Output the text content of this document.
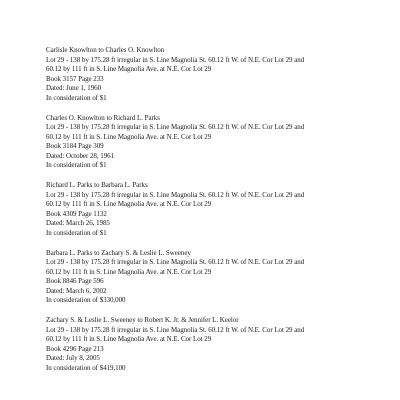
Carlisle Knowlton to Charles O. Knowlton
Lot 29 - 138 by 175.28 ft irregular in S. Line Magnolia St. 60.12 ft W. of N.E. Cor Lot 29 and
60.12 by 111 ft in S. Line Magnolia Ave. at N.E. Cor Lot 29
Book 3157 Page 233
Dated: June 1, 1960
In consideration of $1
Charles O. Knowlton to Richard L. Parks
Lot 29 - 138 by 175.28 ft irregular in S. Line Magnolia St. 60.12 ft W. of N.E. Cor Lot 29 and
60.12 by 111 ft in S. Line Magnolia Ave. at N.E. Cor Lot 29
Book 3184 Page 309
Dated: October 28, 1961
In consideration of $1
Richard L. Parks to Barbara L. Parks
Lot 29 - 138 by 175.28 ft irregular in S. Line Magnolia St. 60.12 ft W. of N.E. Cor Lot 29 and
60.12 by 111 ft in S. Line Magnolia Ave. at N.E. Cor Lot 29
Book 4309 Page 1132
Dated: March 26, 1985
In consideration of $1
Barbara L. Parks to Zachary S. & Leslie L. Sweeney
Lot 29 - 138 by 175.28 ft irregular in S. Line Magnolia St. 60.12 ft W. of N.E. Cor Lot 29 and
60.12 by 111 ft in S. Line Magnolia Ave. at N.E. Cor Lot 29
Book 8846 Page 596
Dated: March 6, 2002
In consideration of $330,000
Zachary S. & Leslie L. Sweeney to Robert K. Jr. & Jennifer L. Keelor
Lot 29 - 138 by 175.28 ft irregular in S. Line Magnolia St. 60.12 ft W. of N.E. Cor Lot 29 and
60.12 by 111 ft in S. Line Magnolia Ave. at N.E. Cor Lot 29
Book 4296 Page 213
Dated: July 8, 2005
In consideration of $419,100
